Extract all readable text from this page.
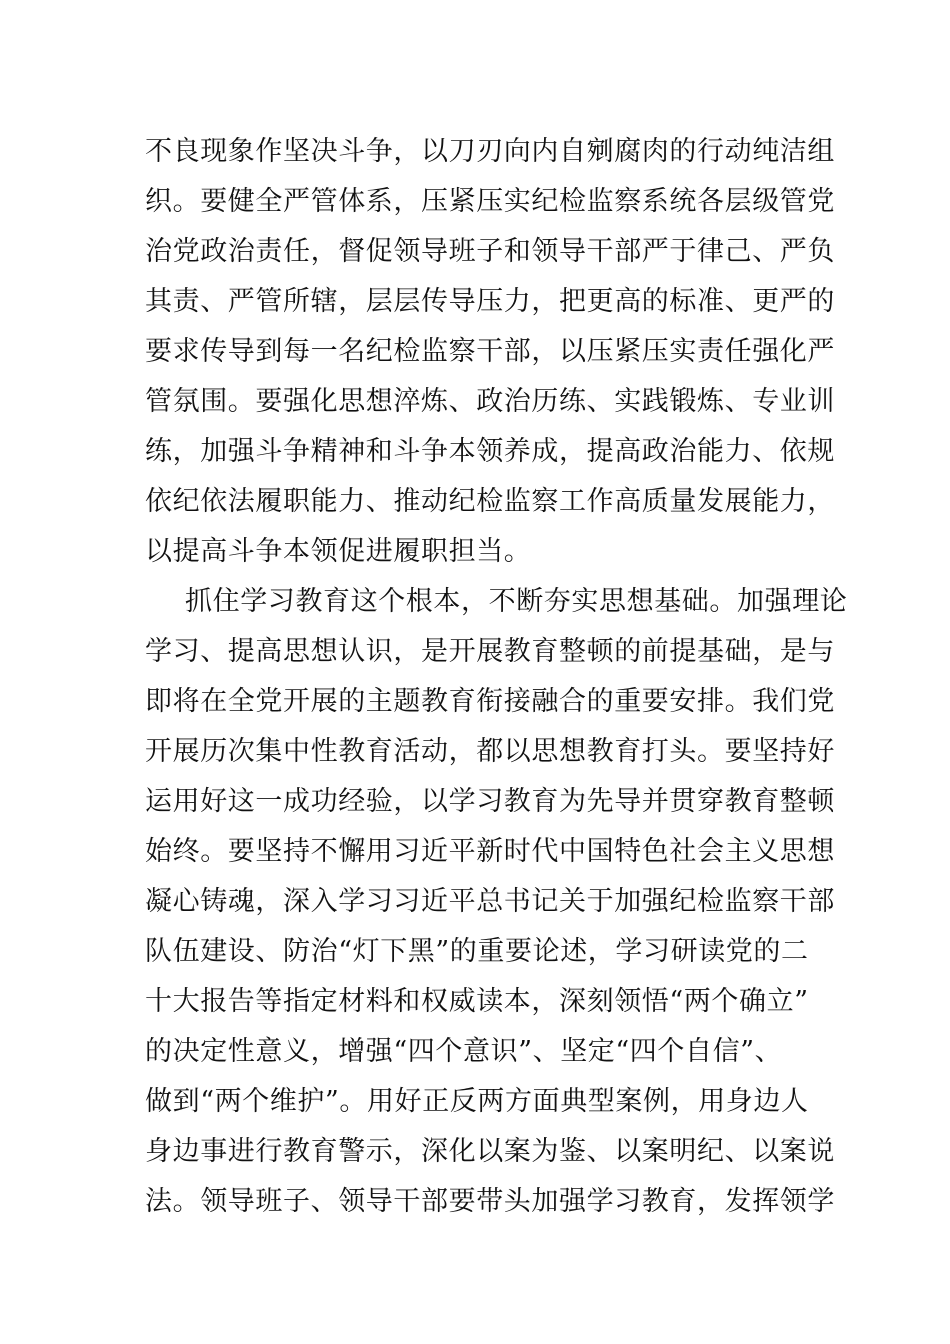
不良现象作坚决斗争，以刀刃向内自剜腐肉的行动纯洁组
织。要健全严管体系，压紧压实纪检监察系统各层级管党
治党政治责任，督促领导班子和领导干部严于律己、严负
其责、严管所辖，层层传导压力，把更高的标准、更严的
要求传导到每一名纪检监察干部，以压紧压实责任强化严
管氛围。要强化思想淬炼、政治历练、实践锻炼、专业训
练，加强斗争精神和斗争本领养成，提高政治能力、依规
依纪依法履职能力、推动纪检监察工作高质量发展能力，
以提高斗争本领促进履职担当。
抓住学习教育这个根本，不断夯实思想基础。加强理论
学习、提高思想认识，是开展教育整顿的前提基础，是与
即将在全党开展的主题教育衔接融合的重要安排。我们党
开展历次集中性教育活动，都以思想教育打头。要坚持好
运用好这一成功经验，以学习教育为先导并贯穿教育整顿
始终。要坚持不懈用习近平新时代中国特色社会主义思想
凝心铸魂，深入学习习近平总书记关于加强纪检监察干部
队伍建设、防治“灯下黑”的重要论述，学习研读党的二
十大报告等指定材料和权威读本，深刻领悟“两个确立”
的决定性意义，增强“四个意识”、坚定“四个自信”、
做到“两个维护”。用好正反两方面典型案例，用身边人
身边事进行教育警示，深化以案为鉴、以案明纪、以案说
法。领导班子、领导干部要带头加强学习教育，发挥领学
